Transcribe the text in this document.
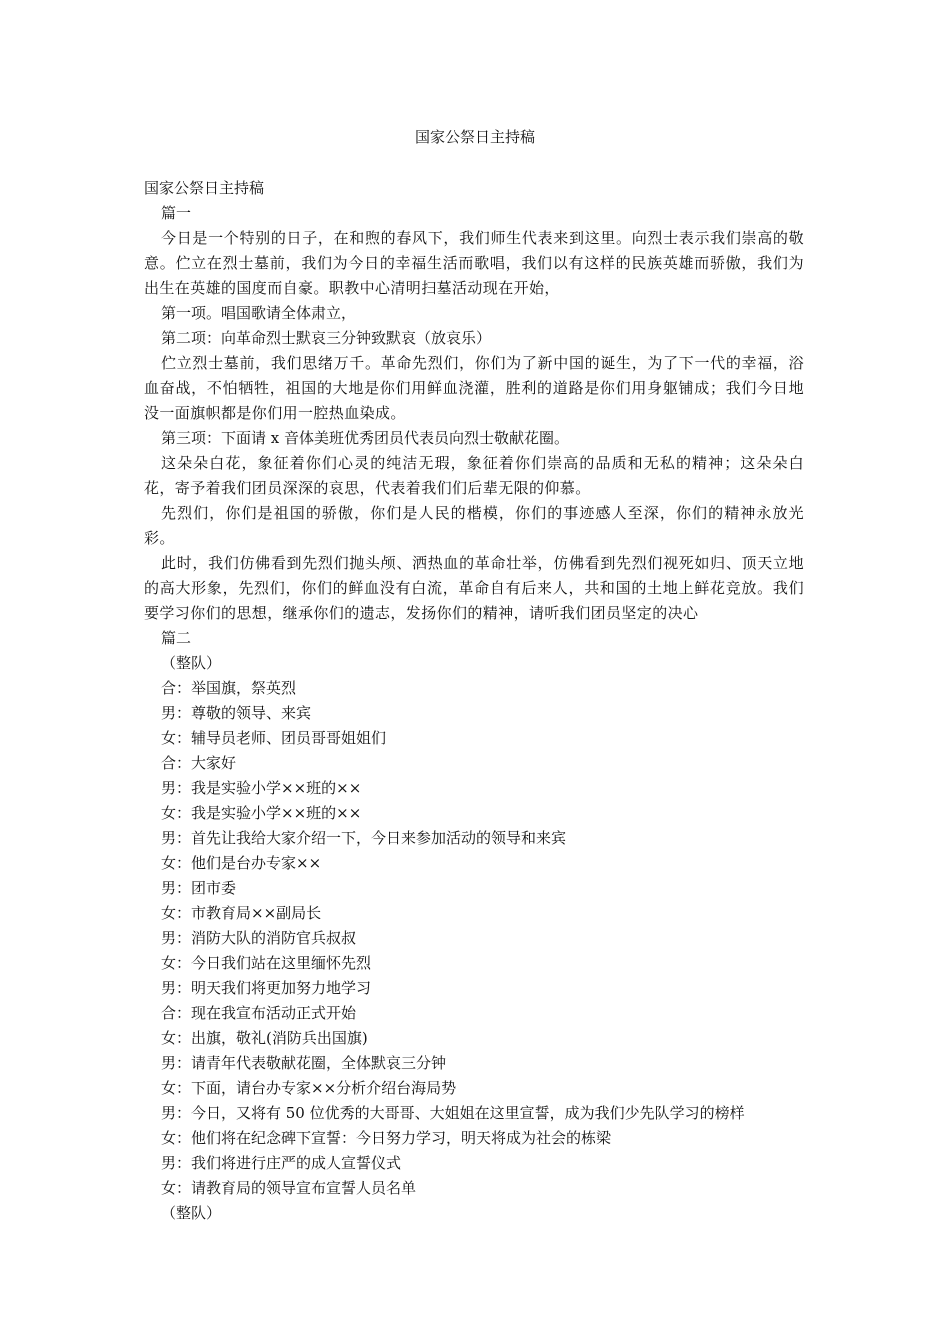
国家公祭日主持稿
国家公祭日主持稿
篇一

今日是一个特别的日子，在和煦的春风下，我们师生代表来到这里。向烈士表示我们崇高的敬意。伫立在烈士墓前，我们为今日的幸福生活而歌唱，我们以有这样的民族英雄而骄傲，我们为出生在英雄的国度而自豪。职教中心清明扫墓活动现在开始，

第一项。唱国歌请全体肃立，
第二项：向革命烈士默哀三分钟致默哀（放哀乐）

伫立烈士墓前，我们思绪万千。革命先烈们，你们为了新中国的诞生，为了下一代的幸福，浴血奋战，不怕牺牲，祖国的大地是你们用鲜血浇灌，胜利的道路是你们用身躯铺成；我们今日地没一面旗帜都是你们用一腔热血染成。

第三项：下面请 x 音体美班优秀团员代表员向烈士敬献花圈。

这朵朵白花，象征着你们心灵的纯洁无瑕，象征着你们崇高的品质和无私的精神；这朵朵白花，寄予着我们团员深深的哀思，代表着我们们后辈无限的仰慕。

先烈们，你们是祖国的骄傲，你们是人民的楷模，你们的事迹感人至深，你们的精神永放光彩。

此时，我们仿佛看到先烈们抛头颅、洒热血的革命壮举，仿佛看到先烈们视死如归、顶天立地的高大形象，先烈们，你们的鲜血没有白流，革命自有后来人，共和国的土地上鲜花竞放。我们要学习你们的思想，继承你们的遗志，发扬你们的精神，请听我们团员坚定的决心

篇二
（整队）
合：举国旗，祭英烈
男：尊敬的领导、来宾
女：辅导员老师、团员哥哥姐姐们
合：大家好
男：我是实验小学××班的××
女：我是实验小学××班的××
男：首先让我给大家介绍一下，今日来参加活动的领导和来宾
女：他们是台办专家××
男：团市委
女：市教育局××副局长
男：消防大队的消防官兵叔叔
女：今日我们站在这里缅怀先烈
男：明天我们将更加努力地学习
合：现在我宣布活动正式开始
女：出旗，敬礼(消防兵出国旗)
男：请青年代表敬献花圈，全体默哀三分钟
女：下面，请台办专家××分析介绍台海局势
男：今日，又将有 50 位优秀的大哥哥、大姐姐在这里宣誓，成为我们少先队学习的榜样
女：他们将在纪念碑下宣誓：今日努力学习，明天将成为社会的栋梁
男：我们将进行庄严的成人宣誓仪式
女：请教育局的领导宣布宣誓人员名单
（整队）
